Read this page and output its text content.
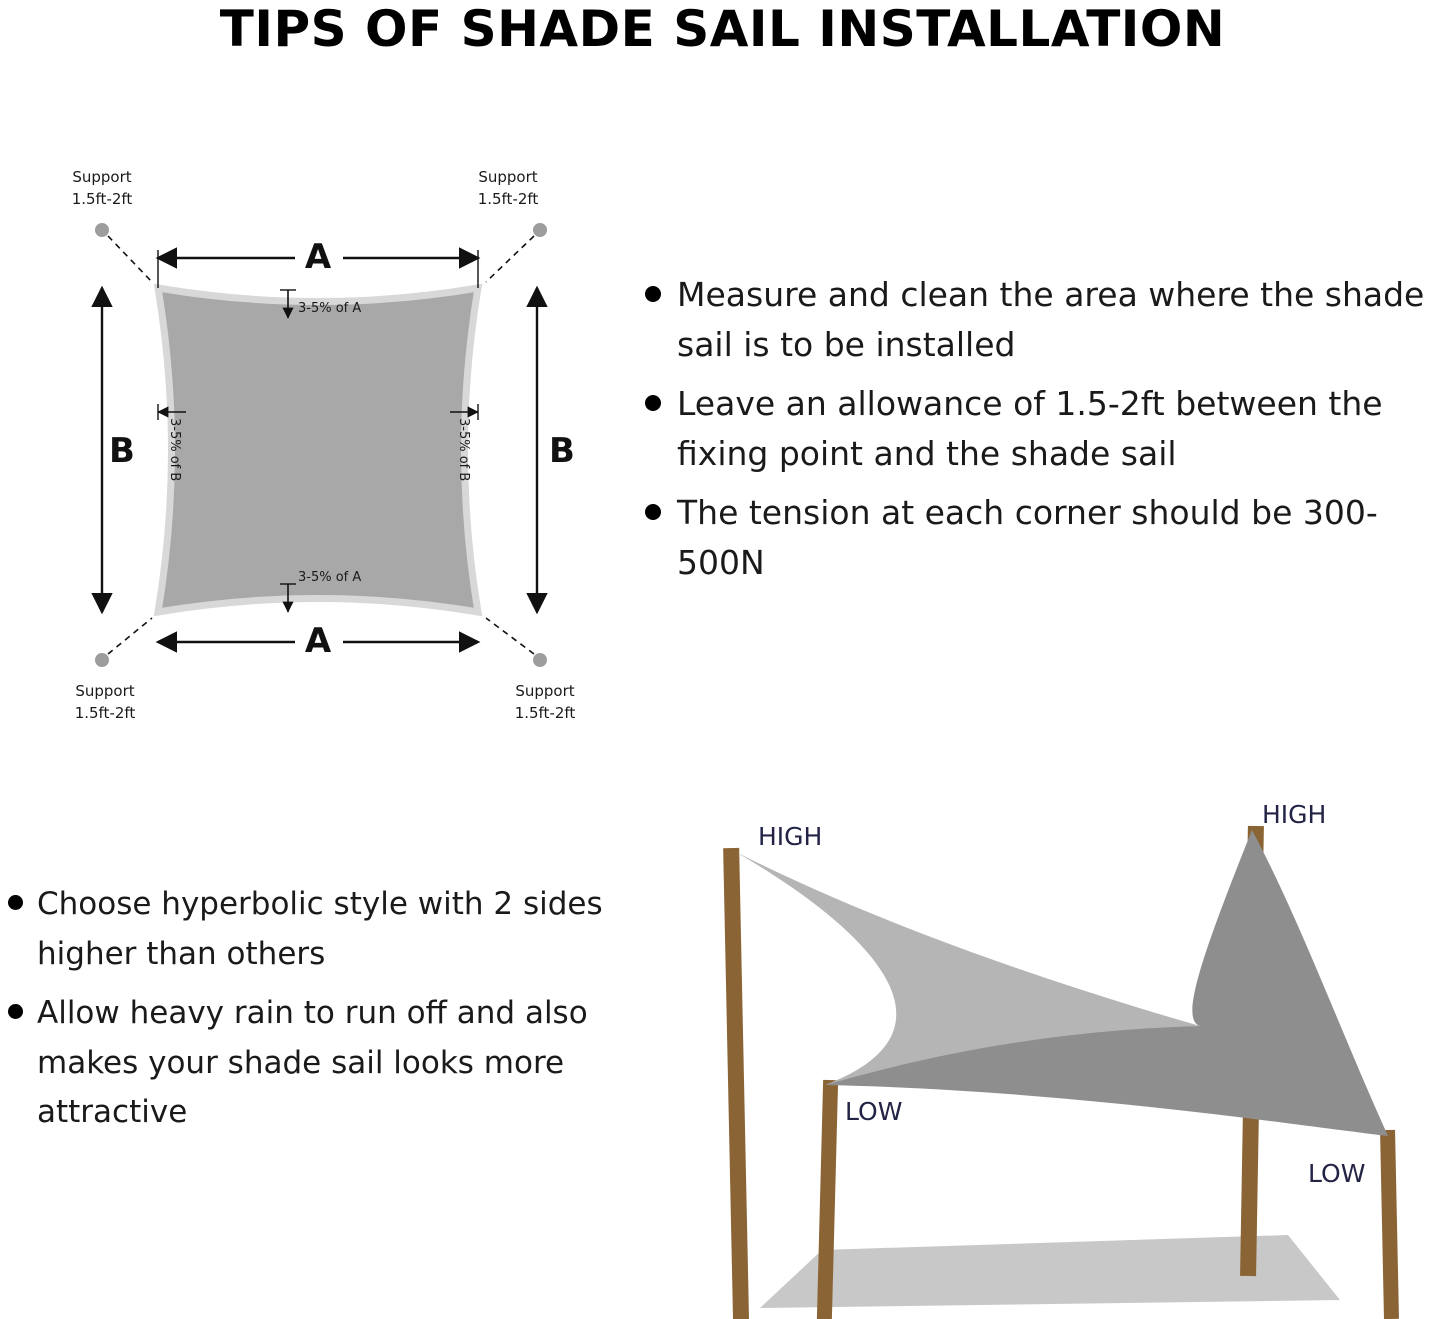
TIPS OF SHADE SAIL INSTALLATION
A
A
B	B
3-5% of A
3-5% of A
3-5% of B	3-5% of B
Support
1.5ft-2ft
Support
1.5ft-2ft
Support
1.5ft-2ft
Support
1.5ft-2ft
Measure and clean the area where the shade sail is to be installed
Leave an allowance of 1.5-2ft between the fixing point and the shade sail
The tension at each corner should be 300-500N
Choose hyperbolic style with 2 sides higher than others
Allow heavy rain to run off and also makes your shade sail looks more attractive
HIGH
HIGH
LOW
LOW
